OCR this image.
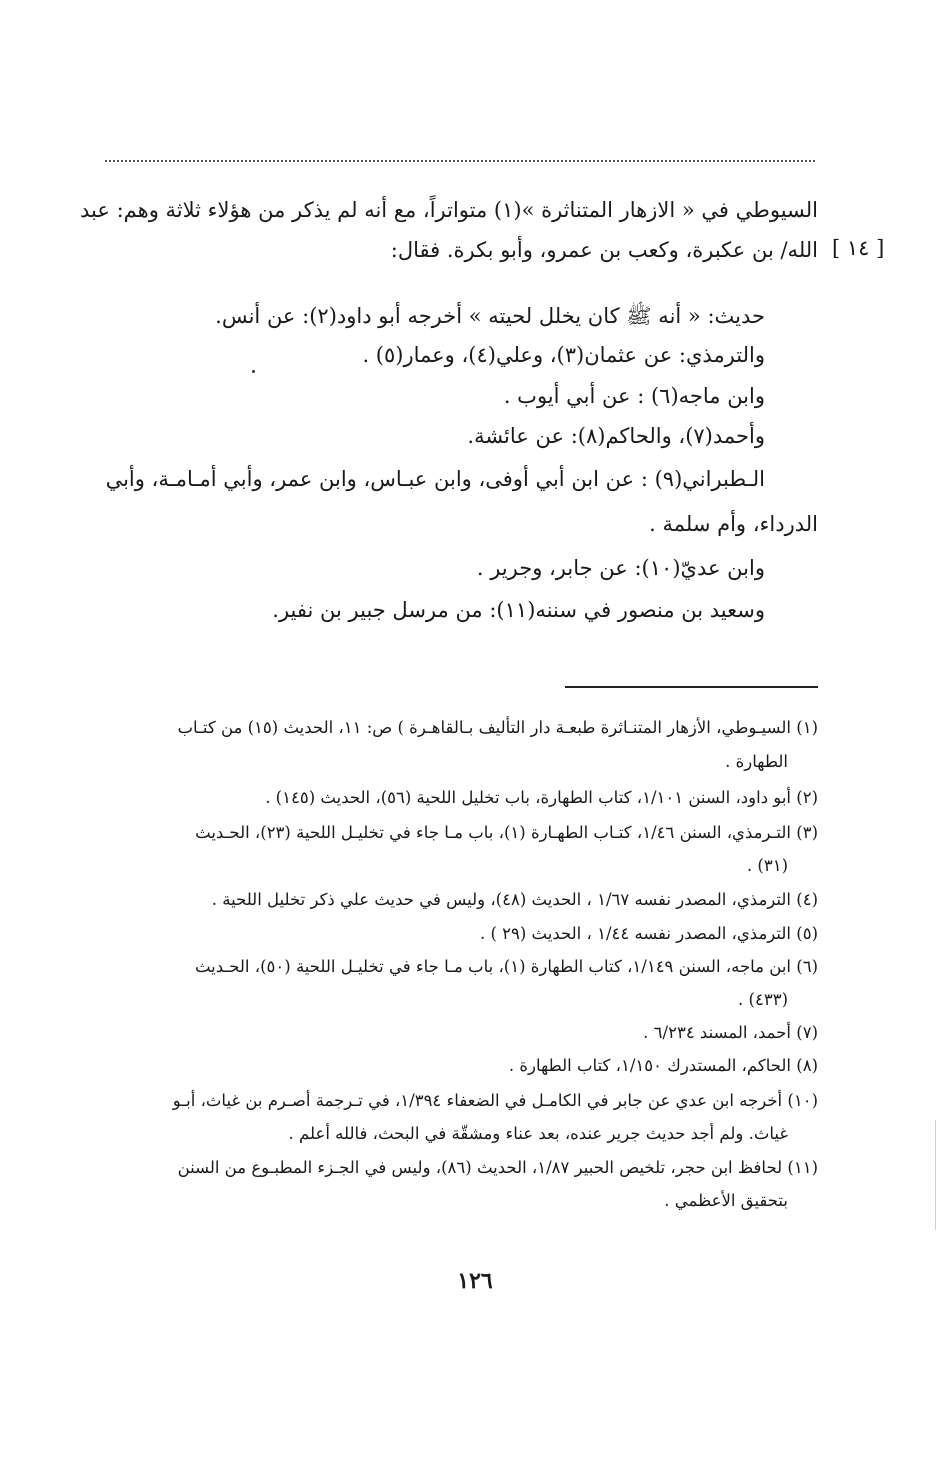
السيوطي في « الازهار المتناثرة »(١) متواتراً، مع أنه لم يذكر من هؤلاء ثلاثة وهم: عبد
الله/ بن عكبرة، وكعب بن عمرو، وأبو بكرة. فقال: [ ١٤ ]
حديث: « أنه ﷺ كان يخلل لحيته » أخرجه أبو داود(٢): عن أنس.
والترمذي: عن عثمان(٣)، وعلي(٤)، وعمار(٥) .
وابن ماجه(٦) : عن أبي أيوب .
وأحمد(٧)، والحاكم(٨): عن عائشة.
الـطبراني(٩) : عن ابن أبي أوفى، وابن عبـاس، وابن عمر، وأبي أمـامـة، وأبي
الدرداء، وأم سلمة .
وابن عديّ(١٠): عن جابر، وجرير .
وسعيد بن منصور في سننه(١١): من مرسل جبير بن نفير.
(١) السيـوطي، الأزهار المتنـاثرة طبعـة دار التأليف بـالقاهـرة ) ص: ١١، الحديث (١٥) من كتـاب
الطهارة .
(٢) أبو داود، السنن ١/١٠١، كتاب الطهارة، باب تخليل اللحية (٥٦)، الحديث (١٤٥) .
(٣) التـرمذي، السنن ١/٤٦، كتـاب الطهـارة (١)، باب مـا جاء في تخليـل اللحية (٢٣)، الحـديث
(٣١) .
(٤) الترمذي، المصدر نفسه ١/٦٧ ، الحديث (٤٨)، وليس في حديث علي ذكر تخليل اللحية .
(٥) الترمذي، المصدر نفسه ١/٤٤ ، الحديث (٢٩ ) .
(٦) ابن ماجه، السنن ١/١٤٩، كتاب الطهارة (١)، باب مـا جاء في تخليـل اللحية (٥٠)، الحـديث
(٤٣٣) .
(٧) أحمد، المسند ٦/٢٣٤ .
(٨) الحاكم، المستدرك ١/١٥٠، كتاب الطهارة .
(١٠) أخرجه ابن عدي عن جابر في الكامـل في الضعفاء ١/٣٩٤، في تـرجمة أصـرم بن غياث، أبـو
غياث. ولم أجد حديث جرير عنده، بعد عناء ومشقّة في البحث، فالله أعلم .
(١١) لحافظ ابن حجر، تلخيص الحبير ١/٨٧، الحديث (٨٦)، وليس في الجـزء المطبـوع من السنن
بتحقيق الأعظمي .
١٢٦
